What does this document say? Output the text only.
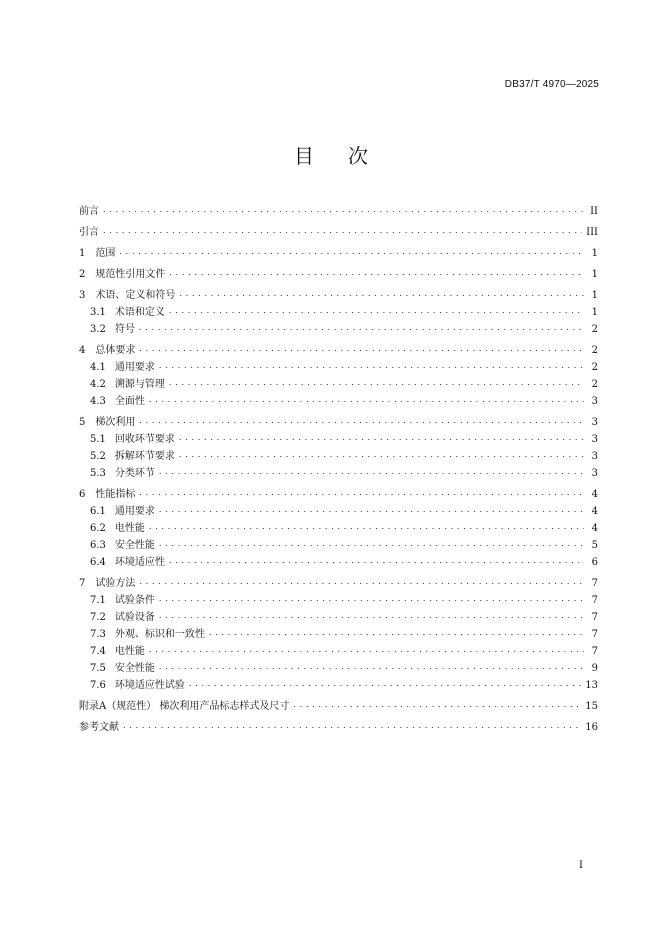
DB37/T 4970—2025
目 次
前言 . . .	II
引言 . . .	III
1 范围 . . .	1
2 规范性引用文件 . . .	1
3 术语、定义和符号 . . .	1
3.1 术语和定义 . . .	1
3.2 符号 . . .	2
4 总体要求 . . .	2
4.1 通用要求 . . .	2
4.2 溯源与管理 . . .	2
4.3 全面性 . . .	3
5 梯次利用 . . .	3
5.1 回收环节要求 . . .	3
5.2 拆解环节要求 . . .	3
5.3 分类环节 . . .	3
6 性能指标 . . .	4
6.1 通用要求 . . .	4
6.2 电性能 . . .	4
6.3 安全性能 . . .	5
6.4 环境适应性 . . .	6
7 试验方法 . . .	7
7.1 试验条件 . . .	7
7.2 试验设备 . . .	7
7.3 外观、标识和一致性 . . .	7
7.4 电性能 . . .	7
7.5 安全性能 . . .	9
7.6 环境适应性试验 . . .	13
附录A（规范性） 梯次利用产品标志样式及尺寸 . . .	15
参考文献 . . .	16
I
